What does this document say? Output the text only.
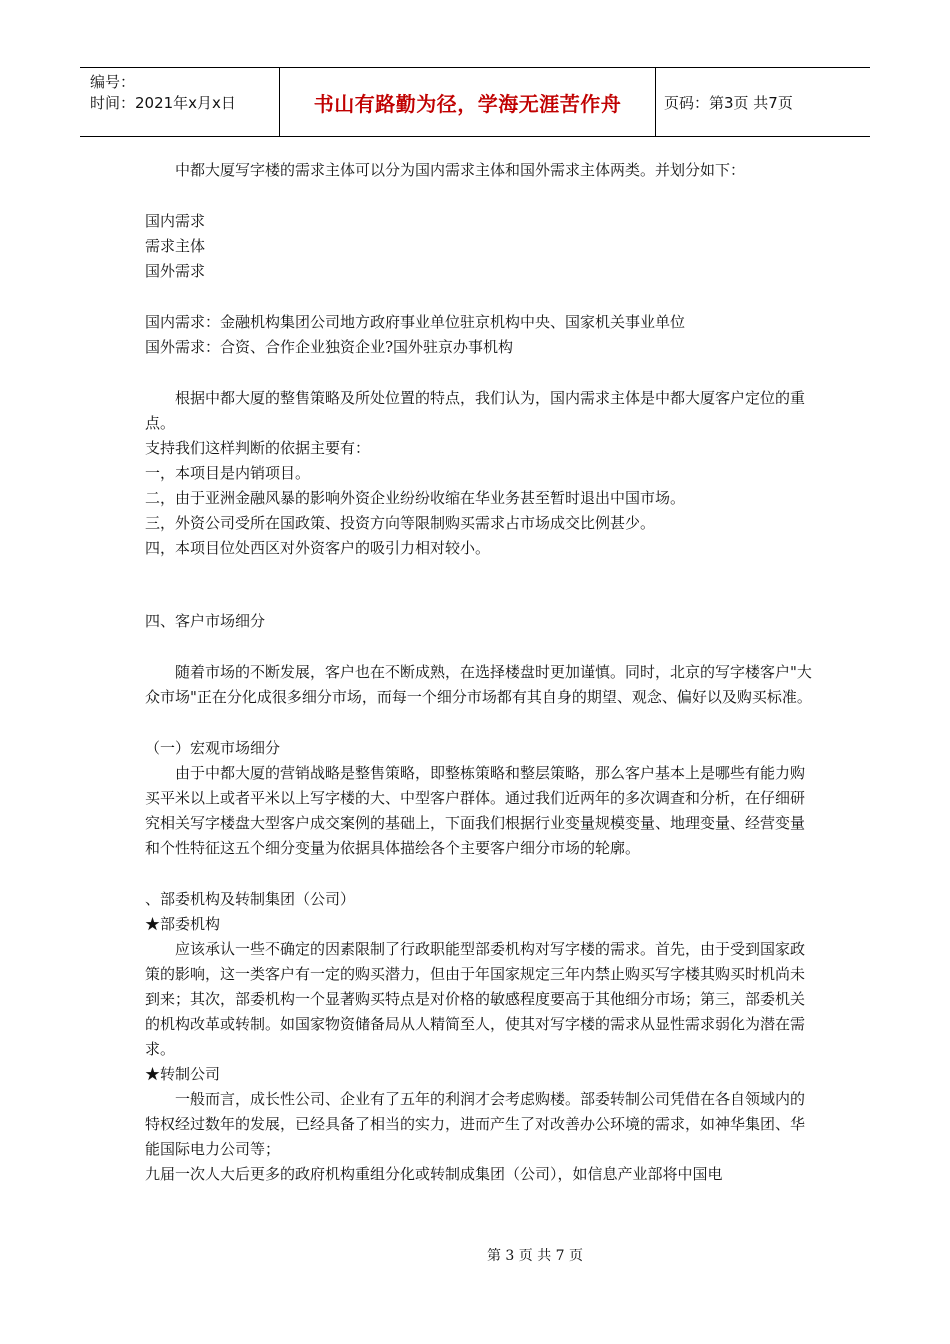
编号：
时间：2021年x月x日	书山有路勤为径，学海无涯苦作舟	页码：第3页 共7页

中都大厦写字楼的需求主体可以分为国内需求主体和国外需求主体两类。并划分如下：

国内需求

需求主体

国外需求

国内需求：金融机构集团公司地方政府事业单位驻京机构中央、国家机关事业单位

国外需求：合资、合作企业独资企业?国外驻京办事机构

根据中都大厦的整售策略及所处位置的特点，我们认为，国内需求主体是中都大厦客户定位的重点。

支持我们这样判断的依据主要有：

一，本项目是内销项目。

二，由于亚洲金融风暴的影响外资企业纷纷收缩在华业务甚至暂时退出中国市场。

三，外资公司受所在国政策、投资方向等限制购买需求占市场成交比例甚少。

四，本项目位处西区对外资客户的吸引力相对较小。

四、客户市场细分

随着市场的不断发展，客户也在不断成熟，在选择楼盘时更加谨慎。同时，北京的写字楼客户"大众市场"正在分化成很多细分市场，而每一个细分市场都有其自身的期望、观念、偏好以及购买标准。

（一）宏观市场细分

由于中都大厦的营销战略是整售策略，即整栋策略和整层策略，那么客户基本上是哪些有能力购买平米以上或者平米以上写字楼的大、中型客户群体。通过我们近两年的多次调查和分析，在仔细研究相关写字楼盘大型客户成交案例的基础上，下面我们根据行业变量规模变量、地理变量、经营变量和个性特征这五个细分变量为依据具体描绘各个主要客户细分市场的轮廓。

、部委机构及转制集团（公司）

★部委机构

应该承认一些不确定的因素限制了行政职能型部委机构对写字楼的需求。首先，由于受到国家政策的影响，这一类客户有一定的购买潜力，但由于年国家规定三年内禁止购买写字楼其购买时机尚未到来；其次，部委机构一个显著购买特点是对价格的敏感程度要高于其他细分市场；第三，部委机关的机构改革或转制。如国家物资储备局从人精简至人，使其对写字楼的需求从显性需求弱化为潜在需求。

★转制公司

一般而言，成长性公司、企业有了五年的利润才会考虑购楼。部委转制公司凭借在各自领域内的特权经过数年的发展，已经具备了相当的实力，进而产生了对改善办公环境的需求，如神华集团、华能国际电力公司等；

九届一次人大后更多的政府机构重组分化或转制成集团（公司），如信息产业部将中国电

第 3 页 共 7 页
